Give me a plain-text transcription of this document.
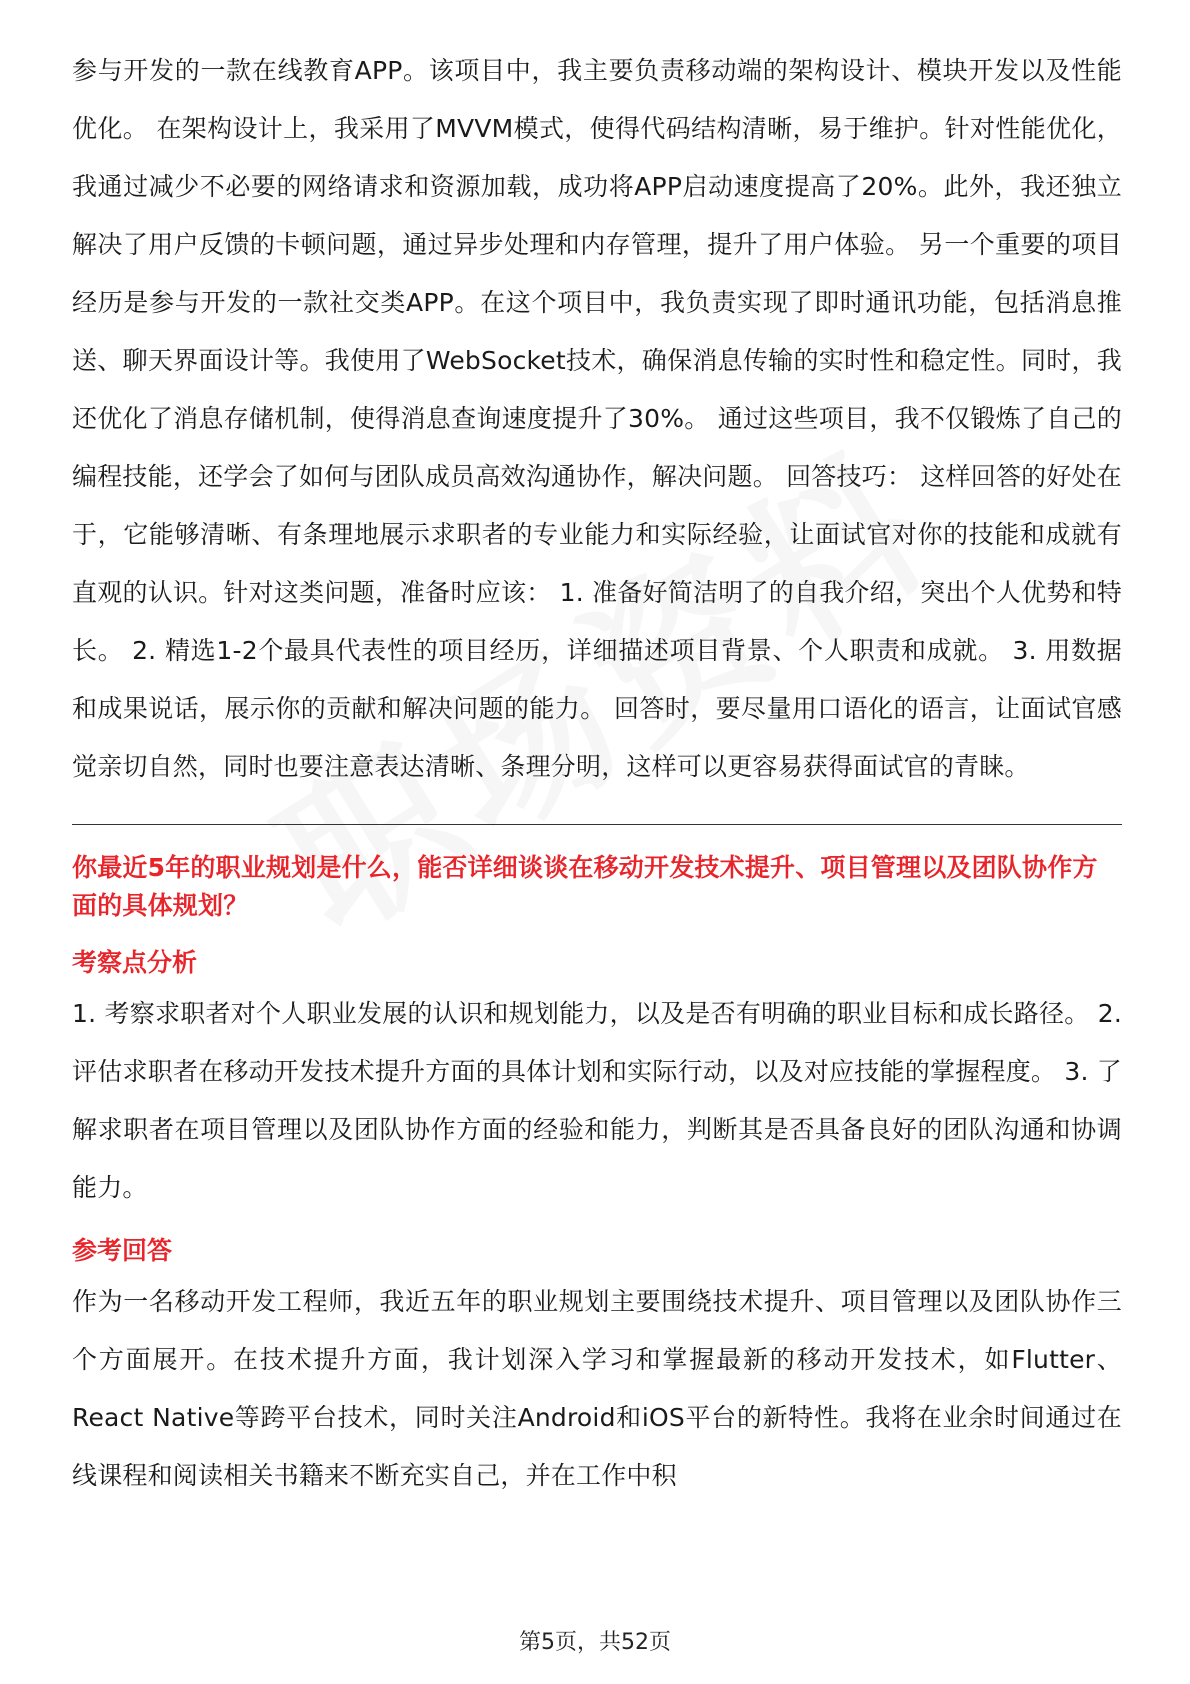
参与开发的一款在线教育APP。该项目中，我主要负责移动端的架构设计、模块开发以及性能优化。 在架构设计上，我采用了MVVM模式，使得代码结构清晰，易于维护。针对性能优化，我通过减少不必要的网络请求和资源加载，成功将APP启动速度提高了20%。此外，我还独立解决了用户反馈的卡顿问题，通过异步处理和内存管理，提升了用户体验。 另一个重要的项目经历是参与开发的一款社交类APP。在这个项目中，我负责实现了即时通讯功能，包括消息推送、聊天界面设计等。我使用了WebSocket技术，确保消息传输的实时性和稳定性。同时，我还优化了消息存储机制，使得消息查询速度提升了30%。 通过这些项目，我不仅锻炼了自己的编程技能，还学会了如何与团队成员高效沟通协作，解决问题。 回答技巧： 这样回答的好处在于，它能够清晰、有条理地展示求职者的专业能力和实际经验，让面试官对你的技能和成就有直观的认识。针对这类问题，准备时应该： 1. 准备好简洁明了的自我介绍，突出个人优势和特长。 2. 精选1-2个最具代表性的项目经历，详细描述项目背景、个人职责和成就。 3. 用数据和成果说话，展示你的贡献和解决问题的能力。 回答时，要尽量用口语化的语言，让面试官感觉亲切自然，同时也要注意表达清晰、条理分明，这样可以更容易获得面试官的青睐。

你最近5年的职业规划是什么，能否详细谈谈在移动开发技术提升、项目管理以及团队协作方面的具体规划？

考察点分析

1. 考察求职者对个人职业发展的认识和规划能力，以及是否有明确的职业目标和成长路径。 2. 评估求职者在移动开发技术提升方面的具体计划和实际行动，以及对应技能的掌握程度。 3. 了解求职者在项目管理以及团队协作方面的经验和能力，判断其是否具备良好的团队沟通和协调能力。

参考回答

作为一名移动开发工程师，我近五年的职业规划主要围绕技术提升、项目管理以及团队协作三个方面展开。在技术提升方面，我计划深入学习和掌握最新的移动开发技术，如Flutter、React Native等跨平台技术，同时关注Android和iOS平台的新特性。我将在业余时间通过在线课程和阅读相关书籍来不断充实自己，并在工作中积

第5页，共52页
